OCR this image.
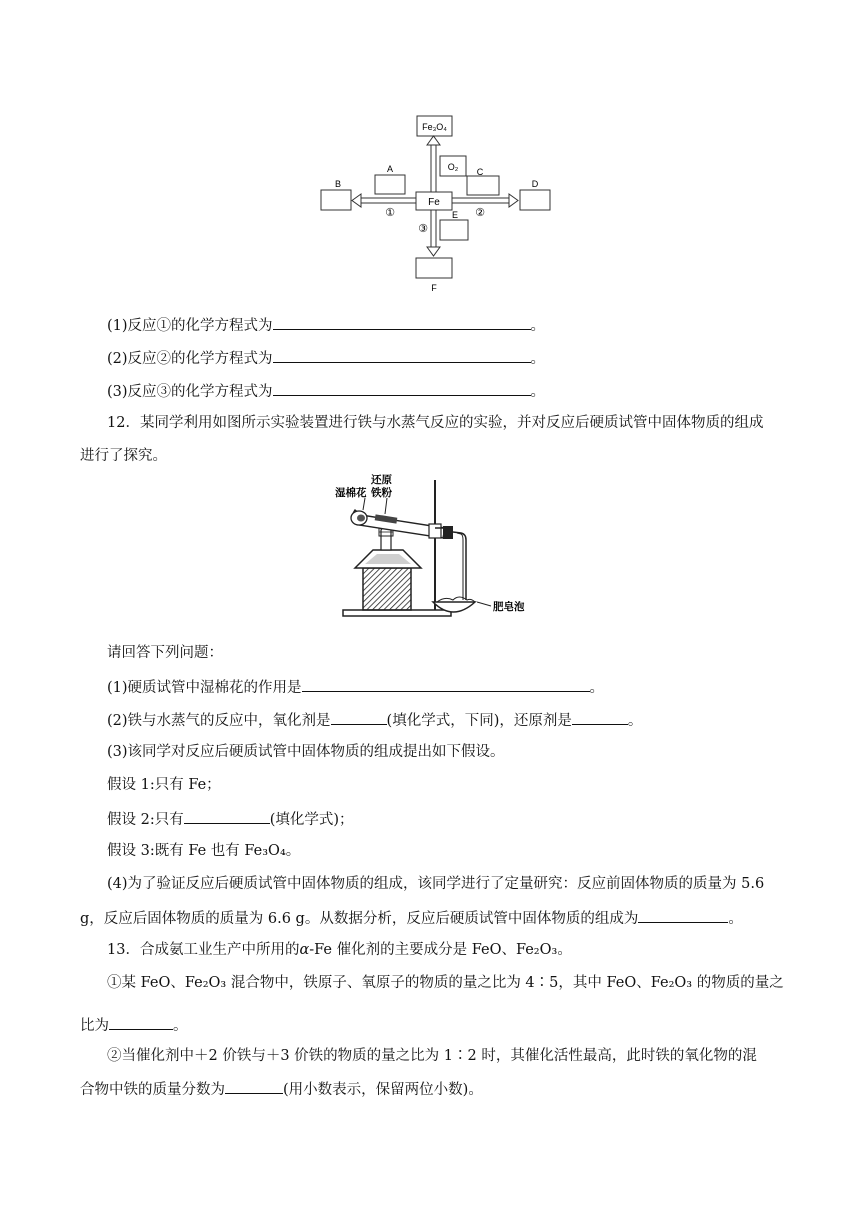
Fe₃O₄
Fe
B
A
①
D
O₂ C
②
③
E
F
(1)反应①的化学方程式为	。
(2)反应②的化学方程式为	。
(3)反应③的化学方程式为	。
12．某同学利用如图所示实验装置进行铁与水蒸气反应的实验，并对反应后硬质试管中固体物质的组成
进行了探究。
湿棉花
还原
铁粉
肥皂泡
请回答下列问题：
(1)硬质试管中湿棉花的作用是	。
(2)铁与水蒸气的反应中，氧化剂是	(填化学式，下同)，还原剂是	。
(3)该同学对反应后硬质试管中固体物质的组成提出如下假设。
假设 1:只有 Fe；
假设 2:只有	(填化学式)；
假设 3:既有 Fe 也有 Fe₃O₄。
(4)为了验证反应后硬质试管中固体物质的组成，该同学进行了定量研究：反应前固体物质的质量为 5.6
g，反应后固体物质的质量为 6.6 g。从数据分析，反应后硬质试管中固体物质的组成为	。
13．合成氨工业生产中所用的α-Fe 催化剂的主要成分是 FeO、Fe₂O₃。
①某 FeO、Fe₂O₃ 混合物中，铁原子、氧原子的物质的量之比为 4∶5，其中 FeO、Fe₂O₃ 的物质的量之
比为	。
②当催化剂中＋2 价铁与＋3 价铁的物质的量之比为 1∶2 时，其催化活性最高，此时铁的氧化物的混
合物中铁的质量分数为	(用小数表示，保留两位小数)。
